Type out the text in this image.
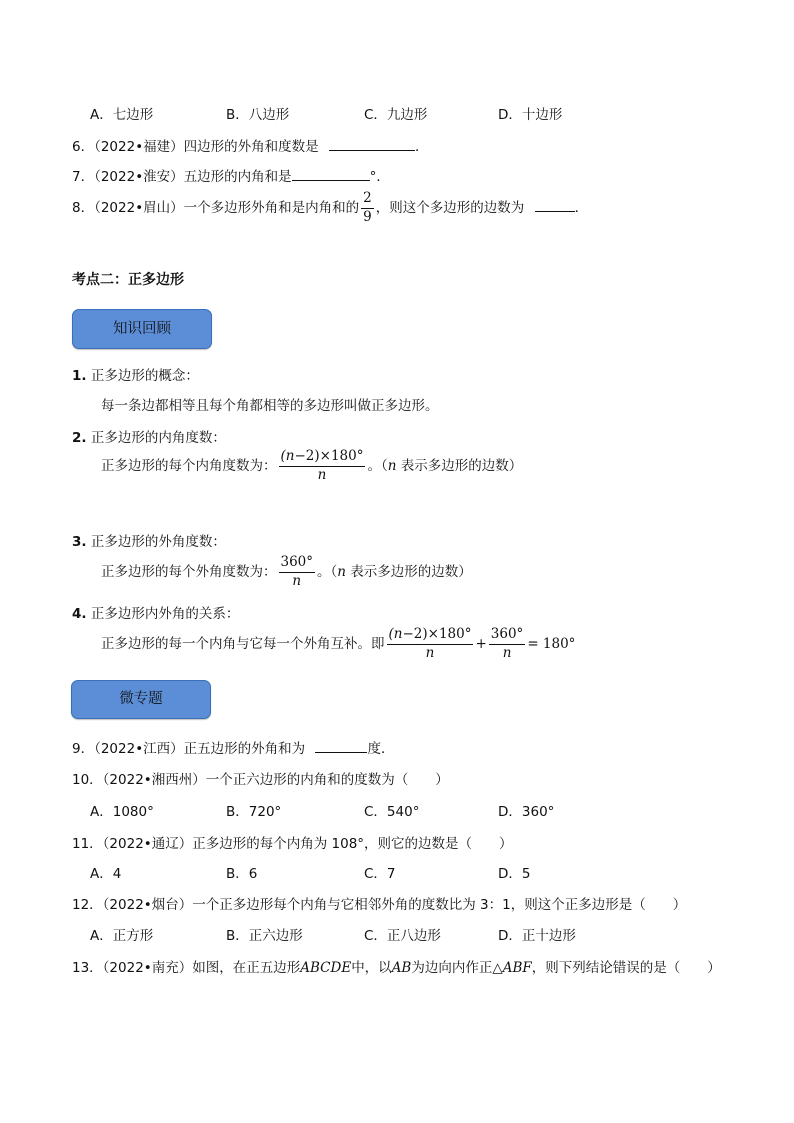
A．七边形	B．八边形	C．九边形	D．十边形
6．（2022•福建）四边形的外角和度数是	．
7．（2022•淮安）五边形的内角和是	°．
8．（2022•眉山）一个多边形外角和是内角和的 $\frac{2}{9}$ ，则这个多边形的边数为	．
考点二：正多边形
知识回顾
1. 正多边形的概念：
每一条边都相等且每个角都相等的多边形叫做正多边形。
2. 正多边形的内角度数：
正多边形的每个内角度数为： $\frac{(n-2)\times 180^\circ}{n}$ 。（n 表示多边形的边数）
3. 正多边形的外角度数：
正多边形的每个外角度数为： $\frac{360^\circ}{n}$ 。（n 表示多边形的边数）
4. 正多边形内外角的关系：
正多边形的每一个内角与它每一个外角互补。即 $\frac{(n-2)\times 180^\circ}{n} + \frac{360^\circ}{n} = 180^\circ$
微专题
9．（2022•江西）正五边形的外角和为	度．
10．（2022•湘西州）一个正六边形的内角和的度数为（　　）
A．1080°	B．720°	C．540°	D．360°
11．（2022•通辽）正多边形的每个内角为 108°，则它的边数是（　　）
A．4	B．6	C．7	D．5
12．（2022•烟台）一个正多边形每个内角与它相邻外角的度数比为 3：1，则这个正多边形是（　　）
A．正方形	B．正六边形	C．正八边形	D．正十边形
13．（2022•南充）如图，在正五边形ABCDE中，以AB为边向内作正△ABF，则下列结论错误的是（　　）
